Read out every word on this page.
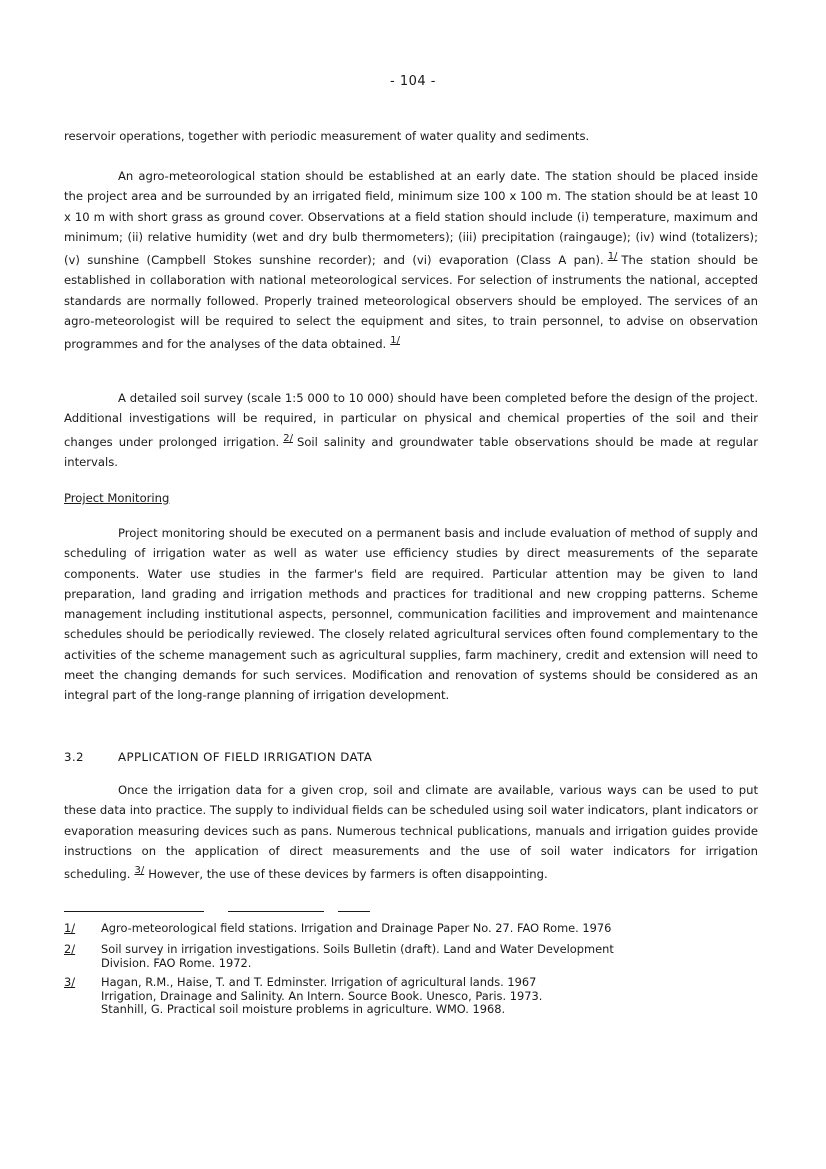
- 104 -

reservoir operations, together with periodic measurement of water quality and sediments.

An agro-meteorological station should be established at an early date. The station should be placed inside the project area and be surrounded by an irrigated field, minimum size 100 x 100 m. The station should be at least 10 x 10 m with short grass as ground cover. Observations at a field station should include (i) temperature, maximum and minimum; (ii) relative humidity (wet and dry bulb thermometers); (iii) precipitation (raingauge); (iv) wind (totalizers); (v) sunshine (Campbell Stokes sunshine recorder); and (vi) evaporation (Class A pan). 1/ The station should be established in collaboration with national meteorological services. For selection of instruments the national, accepted standards are normally followed. Properly trained meteorological observers should be employed. The services of an agro-meteorologist will be required to select the equipment and sites, to train personnel, to advise on observation programmes and for the analyses of the data obtained. 1/

A detailed soil survey (scale 1:5 000 to 10 000) should have been completed before the design of the project. Additional investigations will be required, in particular on physical and chemical properties of the soil and their changes under prolonged irrigation. 2/ Soil salinity and groundwater table observations should be made at regular intervals.

Project Monitoring

Project monitoring should be executed on a permanent basis and include evaluation of method of supply and scheduling of irrigation water as well as water use efficiency studies by direct measurements of the separate components. Water use studies in the farmer's field are required. Particular attention may be given to land preparation, land grading and irrigation methods and practices for traditional and new cropping patterns. Scheme management including institutional aspects, personnel, communication facilities and improvement and maintenance schedules should be periodically reviewed. The closely related agricultural services often found complementary to the activities of the scheme management such as agricultural supplies, farm machinery, credit and extension will need to meet the changing demands for such services. Modification and renovation of systems should be considered as an integral part of the long-range planning of irrigation development.

3.2	APPLICATION OF FIELD IRRIGATION DATA

Once the irrigation data for a given crop, soil and climate are available, various ways can be used to put these data into practice. The supply to individual fields can be scheduled using soil water indicators, plant indicators or evaporation measuring devices such as pans. Numerous technical publications, manuals and irrigation guides provide instructions on the application of direct measurements and the use of soil water indicators for irrigation scheduling. 3/ However, the use of these devices by farmers is often disappointing.

1/	Agro-meteorological field stations. Irrigation and Drainage Paper No. 27. FAO Rome. 1976
2/	Soil survey in irrigation investigations. Soils Bulletin (draft). Land and Water Development
Division. FAO Rome. 1972.
3/	Hagan, R.M., Haise, T. and T. Edminster. Irrigation of agricultural lands. 1967
Irrigation, Drainage and Salinity. An Intern. Source Book. Unesco, Paris. 1973.
Stanhill, G. Practical soil moisture problems in agriculture. WMO. 1968.
